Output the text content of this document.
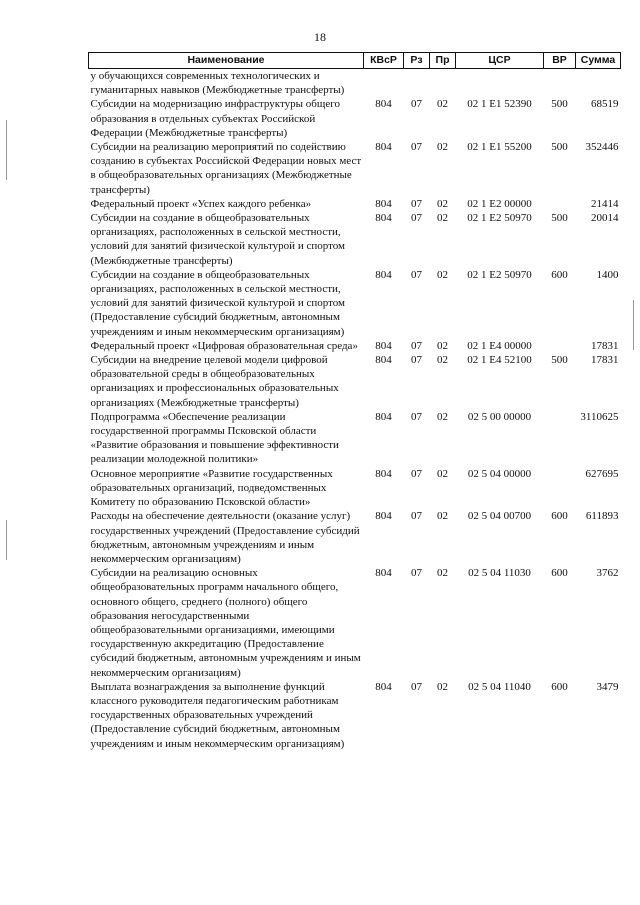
18
Наименование	КВсР	Рз	Пр	ЦСР	ВР	Сумма
у обучающихся современных технологических и гуманитарных навыков (Межбюджетные трансферты)						
Субсидии на модернизацию инфраструктуры общего образования в отдельных субъектах Российской Федерации (Межбюджетные трансферты)	804	07	02	02 1 E1 52390	500	68519
Субсидии на реализацию мероприятий по содействию созданию в субъектах Российской Федерации новых мест в общеобразовательных организациях (Межбюджетные трансферты)	804	07	02	02 1 E1 55200	500	352446
Федеральный проект «Успех каждого ребенка»	804	07	02	02 1 E2 00000		21414
Субсидии на создание в общеобразовательных организациях, расположенных в сельской местности, условий для занятий физической культурой и спортом (Межбюджетные трансферты)	804	07	02	02 1 E2 50970	500	20014
Субсидии на создание в общеобразовательных организациях, расположенных в сельской местности, условий для занятий физической культурой и спортом (Предоставление субсидий бюджетным, автономным учреждениям и иным некоммерческим организациям)	804	07	02	02 1 E2 50970	600	1400
Федеральный проект «Цифровая образовательная среда»	804	07	02	02 1 E4 00000		17831
Субсидии на внедрение целевой модели цифровой образовательной среды в общеобразовательных организациях и профессиональных образовательных организациях (Межбюджетные трансферты)	804	07	02	02 1 E4 52100	500	17831
Подпрограмма «Обеспечение реализации государственной программы Псковской области «Развитие образования и повышение эффективности реализации молодежной политики»	804	07	02	02 5 00 00000		3110625
Основное мероприятие «Развитие государственных образовательных организаций, подведомственных Комитету по образованию Псковской области»	804	07	02	02 5 04 00000		627695
Расходы на обеспечение деятельности (оказание услуг) государственных учреждений (Предоставление субсидий бюджетным, автономным учреждениям и иным некоммерческим организациям)	804	07	02	02 5 04 00700	600	611893
Субсидии на реализацию основных общеобразовательных программ начального общего, основного общего, среднего (полного) общего образования негосударственными общеобразовательными организациями, имеющими государственную аккредитацию (Предоставление субсидий бюджетным, автономным учреждениям и иным некоммерческим организациям)	804	07	02	02 5 04 11030	600	3762
Выплата вознаграждения за выполнение функций классного руководителя педагогическим работникам государственных образовательных учреждений (Предоставление субсидий бюджетным, автономным учреждениям и иным некоммерческим организациям)	804	07	02	02 5 04 11040	600	3479
